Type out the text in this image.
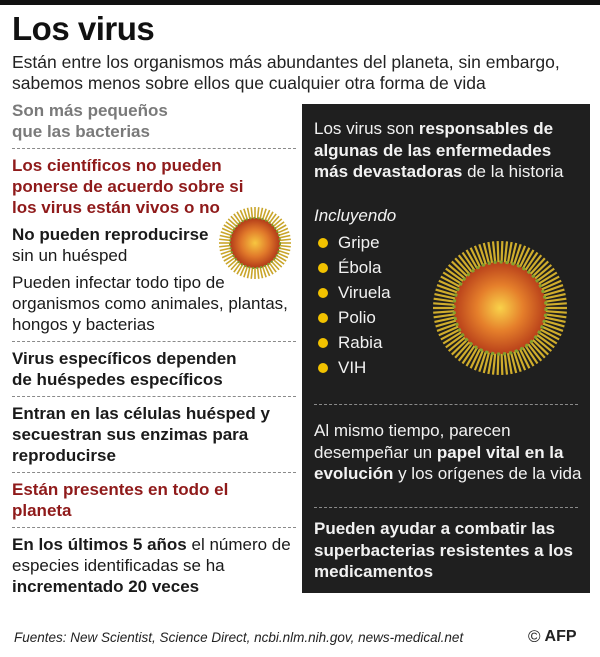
Los virus

Están entre los organismos más abundantes del planeta, sin embargo, sabemos menos sobre ellos que cualquier otra forma de vida

Son más pequeños que las bacterias
Los científicos no pueden ponerse de acuerdo sobre si los virus están vivos o no
No pueden reproducirse
sin un huésped
Pueden infectar todo tipo de organismos como animales, plantas, hongos y bacterias
Virus específicos dependen de huéspedes específicos
Entran en las células huésped y secuestran sus enzimas para reproducirse
Están presentes en todo el planeta
En los últimos 5 años el número de especies identificadas se ha incrementado 20 veces
Los virus son responsables de algunas de las enfermedades más devastadoras de la historia
Incluyendo
Gripe
Ébola
Viruela
Polio
Rabia
VIH
Al mismo tiempo, parecen desempeñar un papel vital en la evolución y los orígenes de la vida
Pueden ayudar a combatir las superbacterias resistentes a los medicamentos
Fuentes: New Scientist, Science Direct, ncbi.nlm.nih.gov, news-medical.net	© AFP
